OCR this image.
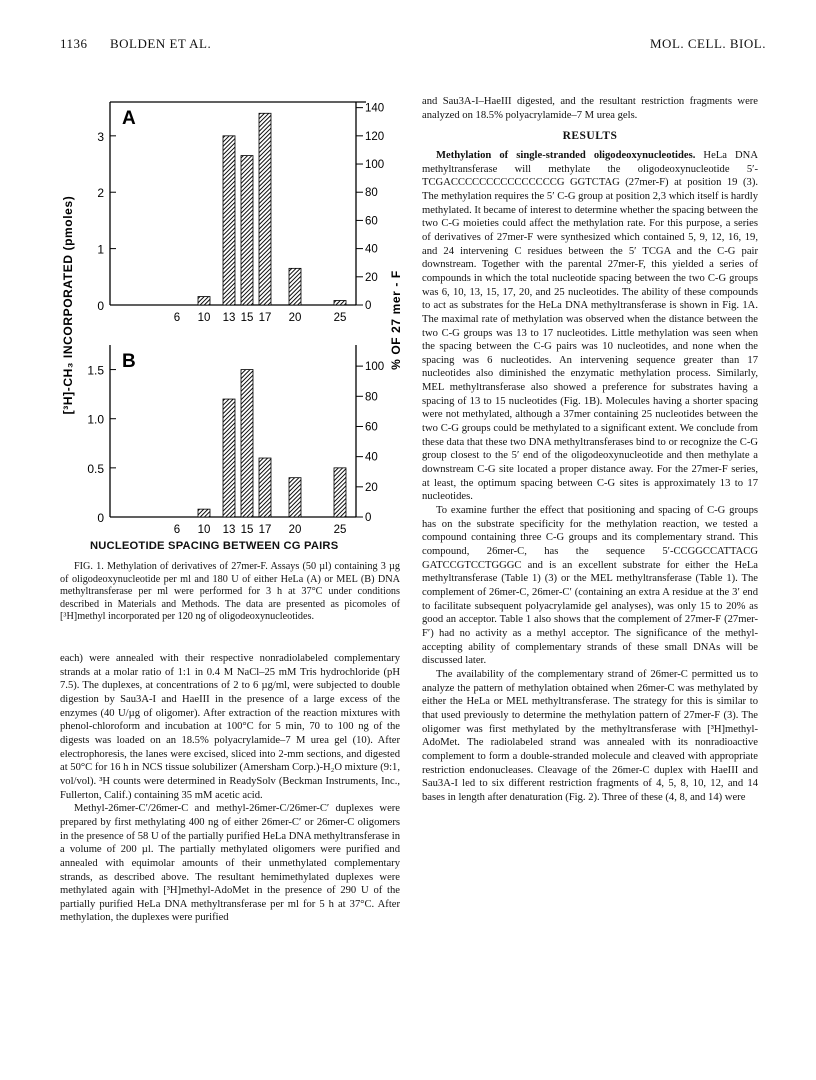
1136 BOLDEN ET AL.	MOL. CELL. BIOL.
A
0
1
2
3
0
20
40
60
80
100
120
140
6 10 13 15 17 20	25
B
0
0.5
1.0
1.5
0
20
40
60
80
100
6 10 13 15 17 20	25
[³H]-CH₃ INCORPORATED (pmoles)	% OF 27 mer - F
NUCLEOTIDE SPACING BETWEEN CG PAIRS

FIG. 1. Methylation of derivatives of 27mer-F. Assays (50 µl) containing 3 µg of oligodeoxynucleotide per ml and 180 U of either HeLa (A) or MEL (B) DNA methyltransferase per ml were performed for 3 h at 37°C under conditions described in Materials and Methods. The data are presented as picomoles of [³H]methyl incorporated per 120 ng of oligodeoxynucleotides.

each) were annealed with their respective nonradiolabeled complementary strands at a molar ratio of 1:1 in 0.4 M NaCl–25 mM Tris hydrochloride (pH 7.5). The duplexes, at concentrations of 2 to 6 µg/ml, were subjected to double digestion by Sau3A-I and HaeIII in the presence of a large excess of the enzymes (40 U/µg of oligomer). After extraction of the reaction mixtures with phenol-chloroform and incubation at 100°C for 5 min, 70 to 100 ng of the digests was loaded on an 18.5% polyacrylamide–7 M urea gel (10). After electrophoresis, the lanes were excised, sliced into 2-mm sections, and digested at 50°C for 16 h in NCS tissue solubilizer (Amersham Corp.)-H₂O mixture (9:1, vol/vol). ³H counts were determined in ReadySolv (Beckman Instruments, Inc., Fullerton, Calif.) containing 35 mM acetic acid.

Methyl-26mer-C′/26mer-C and methyl-26mer-C/26mer-C′ duplexes were prepared by first methylating 400 ng of either 26mer-C′ or 26mer-C oligomers in the presence of 58 U of the partially purified HeLa DNA methyltransferase in a volume of 200 µl. The partially methylated oligomers were purified and annealed with equimolar amounts of their unmethylated complementary strands, as described above. The resultant hemimethylated duplexes were methylated again with [³H]methyl-AdoMet in the presence of 290 U of the partially purified HeLa DNA methyltransferase per ml for 5 h at 37°C. After methylation, the duplexes were purified

and Sau3A-I–HaeIII digested, and the resultant restriction fragments were analyzed on 18.5% polyacrylamide–7 M urea gels.

RESULTS

Methylation of single-stranded oligodeoxynucleotides. HeLa DNA methyltransferase will methylate the oligodeoxynucleotide 5′-TCGACCCCCCCCCCCCCCCG GGTCTAG (27mer-F) at position 19 (3). The methylation requires the 5′ C-G group at position 2,3 which itself is hardly methylated. It became of interest to determine whether the spacing between the two C-G moieties could affect the methylation rate. For this purpose, a series of derivatives of 27mer-F were synthesized which contained 5, 9, 12, 16, 19, and 24 intervening C residues between the 5′ TCGA and the C-G pair downstream. Together with the parental 27mer-F, this yielded a series of compounds in which the total nucleotide spacing between the two C-G groups was 6, 10, 13, 15, 17, 20, and 25 nucleotides. The ability of these compounds to act as substrates for the HeLa DNA methyltransferase is shown in Fig. 1A. The maximal rate of methylation was observed when the distance between the two C-G groups was 13 to 17 nucleotides. Little methylation was seen when the spacing between the C-G pairs was 10 nucleotides, and none when the spacing was 6 nucleotides. An intervening sequence greater than 17 nucleotides also diminished the enzymatic methylation process. Similarly, MEL methyltransferase also showed a preference for substrates having a spacing of 13 to 15 nucleotides (Fig. 1B). Molecules having a shorter spacing were not methylated, although a 37mer containing 25 nucleotides between the two C-G groups could be methylated to a significant extent. We conclude from these data that these two DNA methyltransferases bind to or recognize the C-G group closest to the 5′ end of the oligodeoxynucleotide and then methylate a downstream C-G site located a proper distance away. For the 27mer-F series, at least, the optimum spacing between C-G sites is approximately 13 to 17 nucleotides.

To examine further the effect that positioning and spacing of C-G groups has on the substrate specificity for the methylation reaction, we tested a compound containing three C-G groups and its complementary strand. This compound, 26mer-C, has the sequence 5′-CCGGCCATTACG GATCCGTCCTGGGC and is an excellent substrate for either the HeLa methyltransferase (Table 1) (3) or the MEL methyltransferase (Table 1). The complement of 26mer-C, 26mer-C′ (containing an extra A residue at the 3′ end to facilitate subsequent polyacrylamide gel analyses), was only 15 to 20% as good an acceptor. Table 1 also shows that the complement of 27mer-F (27mer-F′) had no activity as a methyl acceptor. The significance of the methyl-accepting ability of complementary strands of these small DNAs will be discussed later.

The availability of the complementary strand of 26mer-C permitted us to analyze the pattern of methylation obtained when 26mer-C was methylated by either the HeLa or MEL methyltransferase. The strategy for this is similar to that used previously to determine the methylation pattern of 27mer-F (3). The oligomer was first methylated by the methyltransferase with [³H]methyl-AdoMet. The radiolabeled strand was annealed with its nonradioactive complement to form a double-stranded molecule and cleaved with appropriate restriction endonucleases. Cleavage of the 26mer-C duplex with HaeIII and Sau3A-I led to six different restriction fragments of 4, 5, 8, 10, 12, and 14 bases in length after denaturation (Fig. 2). Three of these (4, 8, and 14) were
